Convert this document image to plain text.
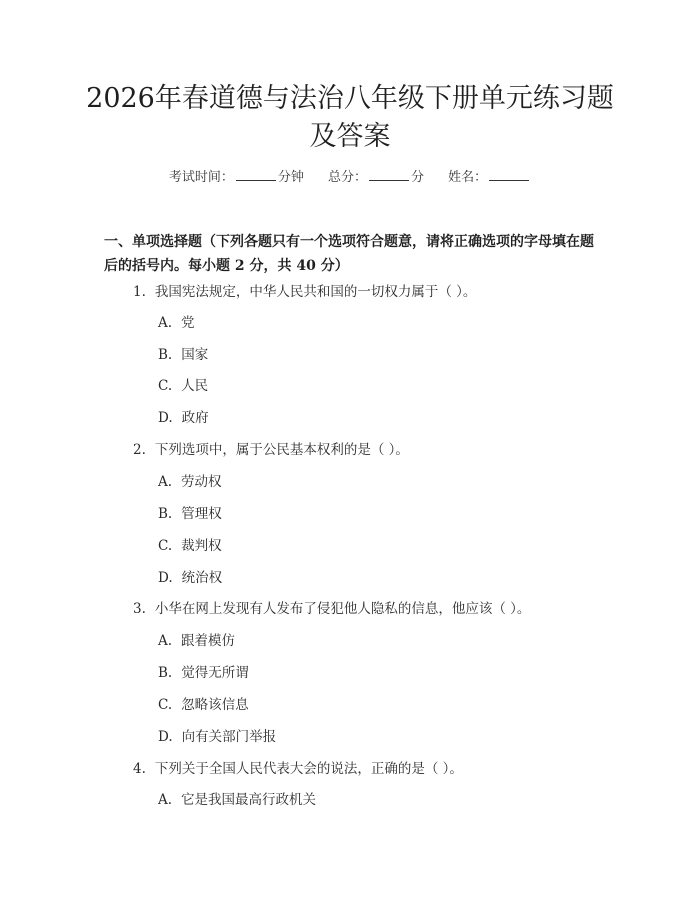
2026年春道德与法治八年级下册单元练习题
及答案
考试时间：	分钟 总分：	分 姓名：
一、单项选择题（下列各题只有一个选项符合题意，请将正确选项的字母填在题
后的括号内。每小题 2 分，共 40 分）
1. 我国宪法规定，中华人民共和国的一切权力属于（ ）。
A. 党
B. 国家
C. 人民
D. 政府
2. 下列选项中，属于公民基本权利的是（ ）。
A. 劳动权
B. 管理权
C. 裁判权
D. 统治权
3. 小华在网上发现有人发布了侵犯他人隐私的信息，他应该（ ）。
A. 跟着模仿
B. 觉得无所谓
C. 忽略该信息
D. 向有关部门举报
4. 下列关于全国人民代表大会的说法，正确的是（ ）。
A. 它是我国最高行政机关
